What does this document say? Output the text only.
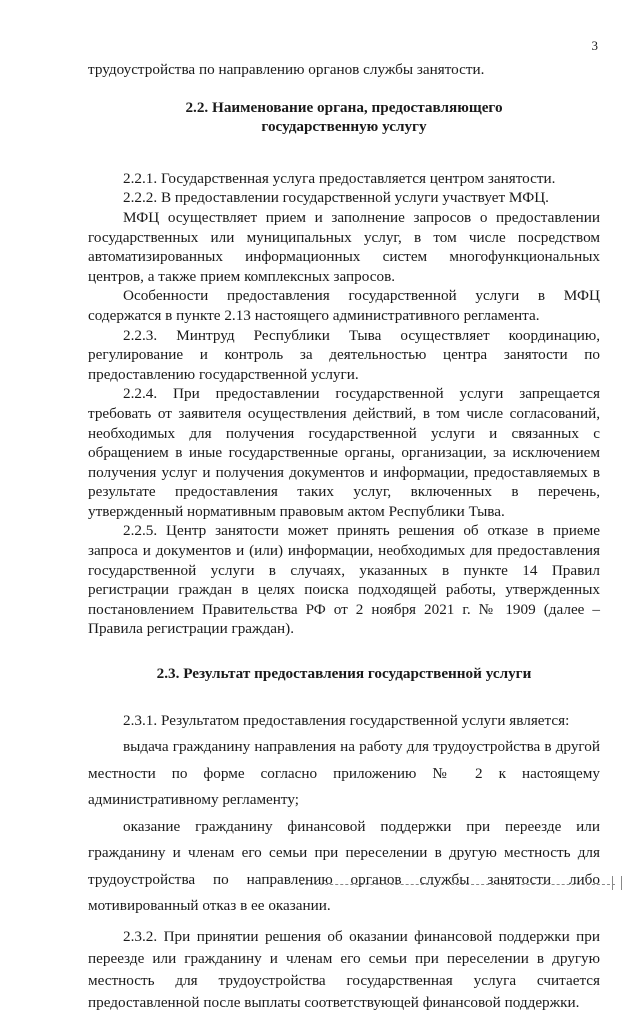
3

трудоустройства по направлению органов службы занятости.

2.2. Наименование органа, предоставляющего
государственную услугу

2.2.1. Государственная услуга предоставляется центром занятости.

2.2.2. В предоставлении государственной услуги участвует МФЦ.

МФЦ осуществляет прием и заполнение запросов о предоставлении государственных или муниципальных услуг, в том числе посредством автоматизированных информационных систем многофункциональных центров, а также прием комплексных запросов.

Особенности предоставления государственной услуги в МФЦ содержатся в пункте 2.13 настоящего административного регламента.

2.2.3. Минтруд Республики Тыва осуществляет координацию, регулирование и контроль за деятельностью центра занятости по предоставлению государственной услуги.

2.2.4. При предоставлении государственной услуги запрещается требовать от заявителя осуществления действий, в том числе согласований, необходимых для получения государственной услуги и связанных с обращением в иные государственные органы, организации, за исключением получения услуг и получения документов и информации, предоставляемых в результате предоставления таких услуг, включенных в перечень, утвержденный нормативным правовым актом Республики Тыва.

2.2.5. Центр занятости может принять решения об отказе в приеме запроса и документов и (или) информации, необходимых для предоставления государственной услуги в случаях, указанных в пункте 14 Правил регистрации граждан в целях поиска подходящей работы, утвержденных постановлением Правительства РФ от 2 ноября 2021 г. № 1909 (далее – Правила регистрации граждан).

2.3. Результат предоставления государственной услуги

2.3.1. Результатом предоставления государственной услуги является:

выдача гражданину направления на работу для трудоустройства в другой местности по форме согласно приложению № 2 к настоящему административному регламенту;

оказание гражданину финансовой поддержки при переезде или гражданину и членам его семьи при переселении в другую местность для трудоустройства по направлению органов службы занятости либо мотивированный отказ в ее оказании.

2.3.2. При принятии решения об оказании финансовой поддержки при переезде или гражданину и членам его семьи при переселении в другую местность для трудоустройства государственная услуга считается предоставленной после выплаты соответствующей финансовой поддержки.
